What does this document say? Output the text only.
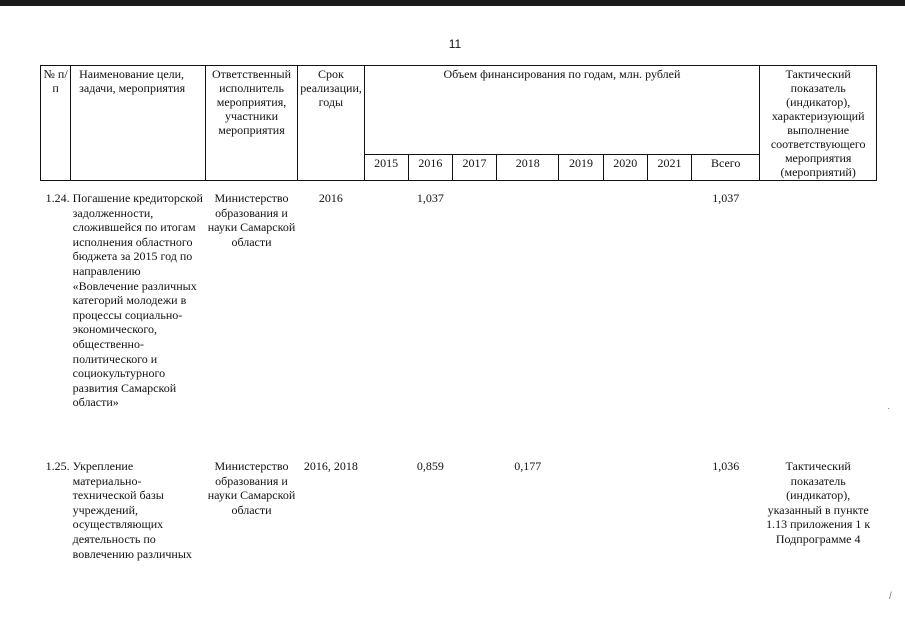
11
№ п/п	Наименование цели, задачи, мероприятия	Ответственный исполнитель мероприятия, участники мероприятия	Срок реализации, годы	Объем финансирования по годам, млн. рублей								Тактический показатель (индикатор), характеризующий выполнение соответствующего мероприятия (мероприятий)
				2015	2016	2017	2018	2019	2020	2021	Всего	
1.24.	Погашение кредиторской задолженности, сложившейся по итогам исполнения областного бюджета за 2015 год по направлению «Вовлечение различных категорий молодежи в процессы социально-экономического, общественно-политического и социокультурного развития Самарской области»	Министерство образования и науки Самарской области	2016		1,037						1,037	
1.25.	Укрепление материально-технической базы учреждений, осуществляющих деятельность по вовлечению различных	Министерство образования и науки Самарской области	2016, 2018		0,859		0,177				1,036	Тактический показатель (индикатор), указанный в пункте 1.13 приложения 1 к Подпрограмме 4
·
/
